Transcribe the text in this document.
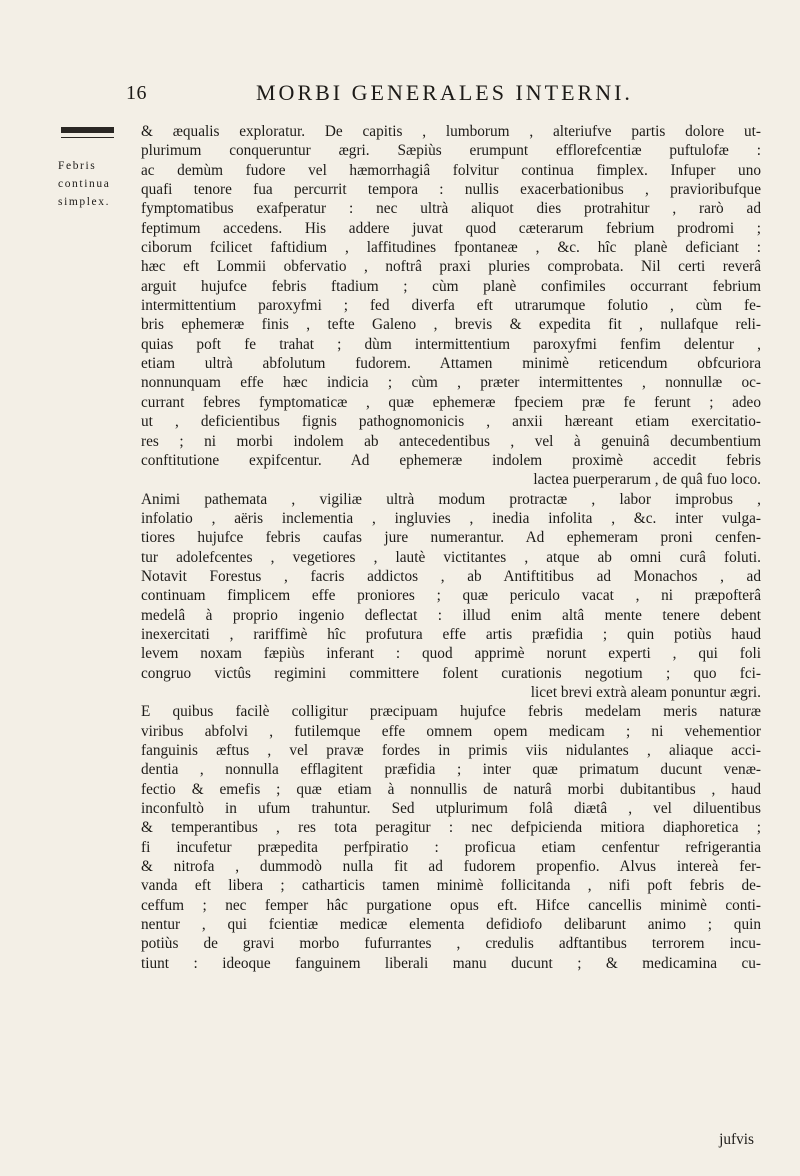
16	MORBI GENERALES INTERNI.
Febris
continua
simplex.
& æqualis exploratur. De capitis , lumborum , alteriufve partis dolore ut-
plurimum conqueruntur ægri. Sæpiùs erumpunt efflorefcentiæ puftulofæ :
ac demùm fudore vel hæmorrhagiâ folvitur continua fimplex. Infuper uno
quafi tenore fua percurrit tempora : nullis exacerbationibus , pravioribufque
fymptomatibus exafperatur : nec ultrà aliquot dies protrahitur , rarò ad
feptimum accedens. His addere juvat quod cæterarum febrium prodromi ;
ciborum fcilicet faftidium , laffitudines fpontaneæ , &c. hîc planè deficiant :
hæc eft Lommii obfervatio , noftrâ praxi pluries comprobata. Nil certi reverâ
arguit hujufce febris ftadium ; cùm planè confimiles occurrant febrium
intermittentium paroxyfmi ; fed diverfa eft utrarumque folutio , cùm fe-
bris ephemeræ finis , tefte Galeno , brevis & expedita fit , nullafque reli-
quias poft fe trahat ; dùm intermittentium paroxyfmi fenfim delentur ,
etiam ultrà abfolutum fudorem. Attamen minimè reticendum obfcuriora
nonnunquam effe hæc indicia ; cùm , præter intermittentes , nonnullæ oc-
currant febres fymptomaticæ , quæ ephemeræ fpeciem præ fe ferunt ; adeo
ut , deficientibus fignis pathognomonicis , anxii hæreant etiam exercitatio-
res ; ni morbi indolem ab antecedentibus , vel à genuinâ decumbentium
conftitutione expifcentur. Ad ephemeræ indolem proximè accedit febris
lactea puerperarum , de quâ fuo loco.
Animi pathemata , vigiliæ ultrà modum protractæ , labor improbus ,
infolatio , aëris inclementia , ingluvies , inedia infolita , &c. inter vulga-
tiores hujufce febris caufas jure numerantur. Ad ephemeram proni cenfen-
tur adolefcentes , vegetiores , lautè victitantes , atque ab omni curâ foluti.
Notavit Forestus , facris addictos , ab Antiftitibus ad Monachos , ad
continuam fimplicem effe proniores ; quæ periculo vacat , ni præpofterâ
medelâ à proprio ingenio deflectat : illud enim altâ mente tenere debent
inexercitati , rariffimè hîc profutura effe artis præfidia ; quin potiùs haud
levem noxam fæpiùs inferant : quod apprimè norunt experti , qui foli
congruo victûs regimini committere folent curationis negotium ; quo fci-
licet brevi extrà aleam ponuntur ægri.
E quibus facilè colligitur præcipuam hujufce febris medelam meris naturæ
viribus abfolvi , futilemque effe omnem opem medicam ; ni vehementior
fanguinis æftus , vel pravæ fordes in primis viis nidulantes , aliaque acci-
dentia , nonnulla efflagitent præfidia ; inter quæ primatum ducunt venæ-
fectio & emefis ; quæ etiam à nonnullis de naturâ morbi dubitantibus , haud
inconfultò in ufum trahuntur. Sed utplurimum folâ diætâ , vel diluentibus
& temperantibus , res tota peragitur : nec defpicienda mitiora diaphoretica ;
fi incufetur præpedita perfpiratio : proficua etiam cenfentur refrigerantia
& nitrofa , dummodò nulla fit ad fudorem propenfio. Alvus intereà fer-
vanda eft libera ; catharticis tamen minimè follicitanda , nifi poft febris de-
ceffum ; nec femper hâc purgatione opus eft. Hifce cancellis minimè conti-
nentur , qui fcientiæ medicæ elementa defidiofo delibarunt animo ; quin
potiùs de gravi morbo fufurrantes , credulis adftantibus terrorem incu-
tiunt : ideoque fanguinem liberali manu ducunt ; & medicamina cu-
jufvis
